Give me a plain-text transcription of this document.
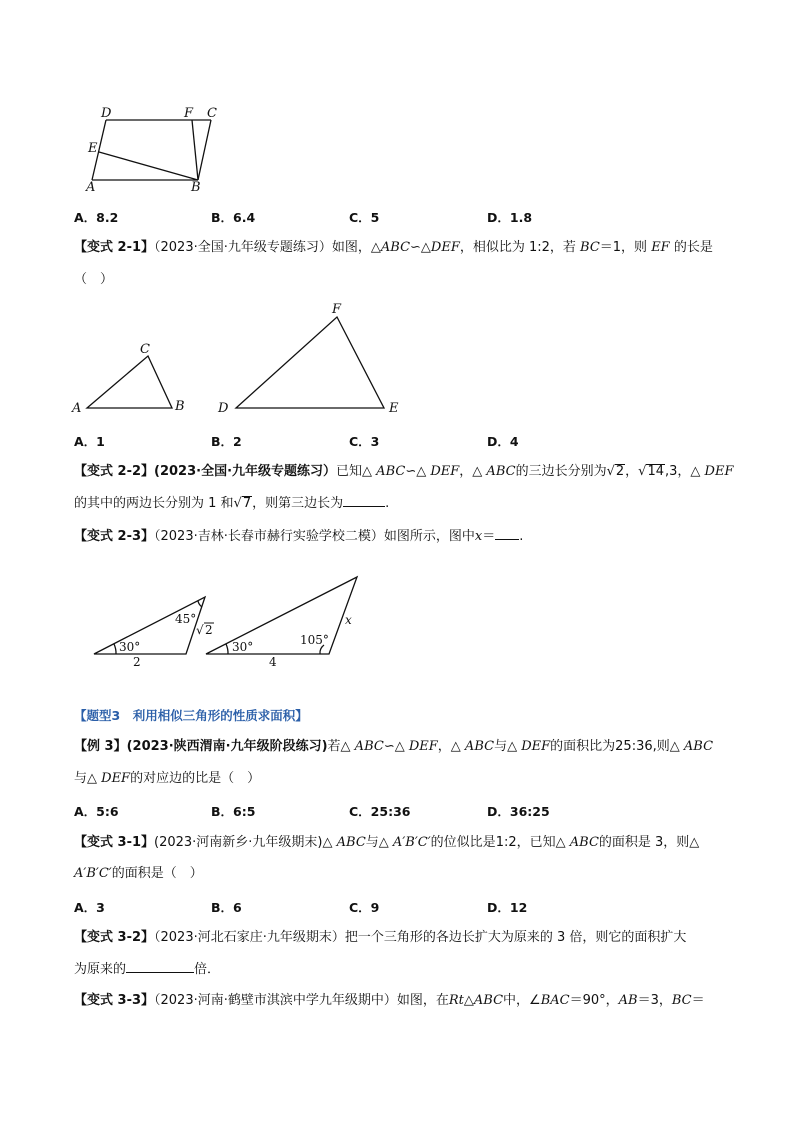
D	F C
E
A	B
A．8.2	B．6.4	C．5	D．1.8
【变式 2-1】（2023·全国·九年级专题练习）如图，△ABC∽△DEF，相似比为 1:2，若 BC＝1，则 EF 的长是
（　）
A	B
C
D	E
F
A．1	B．2	C．3	D．4
【变式 2-2】(2023·全国·九年级专题练习）已知△ ABC∽△ DEF，△ ABC的三边长分别为√2，√14,3，△ DEF
的其中的两边长分别为 1 和√7，则第三边长为	.
【变式 2-3】（2023·吉林·长春市赫行实验学校二模）如图所示，图中x＝ .
30°
45°
√ 2
2
30°	105°
x
4
【题型3　利用相似三角形的性质求面积】
【例 3】(2023·陕西渭南·九年级阶段练习)若△ ABC∽△ DEF，△ ABC与△ DEF的面积比为25:36,则△ ABC
与△ DEF的对应边的比是（　）
A．5:6	B．6:5	C．25:36	D．36:25
【变式 3-1】(2023·河南新乡·九年级期末)△ ABC与△ A′B′C′的位似比是1:2，已知△ ABC的面积是 3，则△
A′B′C′的面积是（　）
A．3	B．6	C．9	D．12
【变式 3-2】（2023·河北石家庄·九年级期末）把一个三角形的各边长扩大为原来的 3 倍，则它的面积扩大
为原来的	倍．
【变式 3-3】（2023·河南·鹤壁市淇滨中学九年级期中）如图，在Rt△ABC中，∠BAC＝90°，AB＝3，BC＝
